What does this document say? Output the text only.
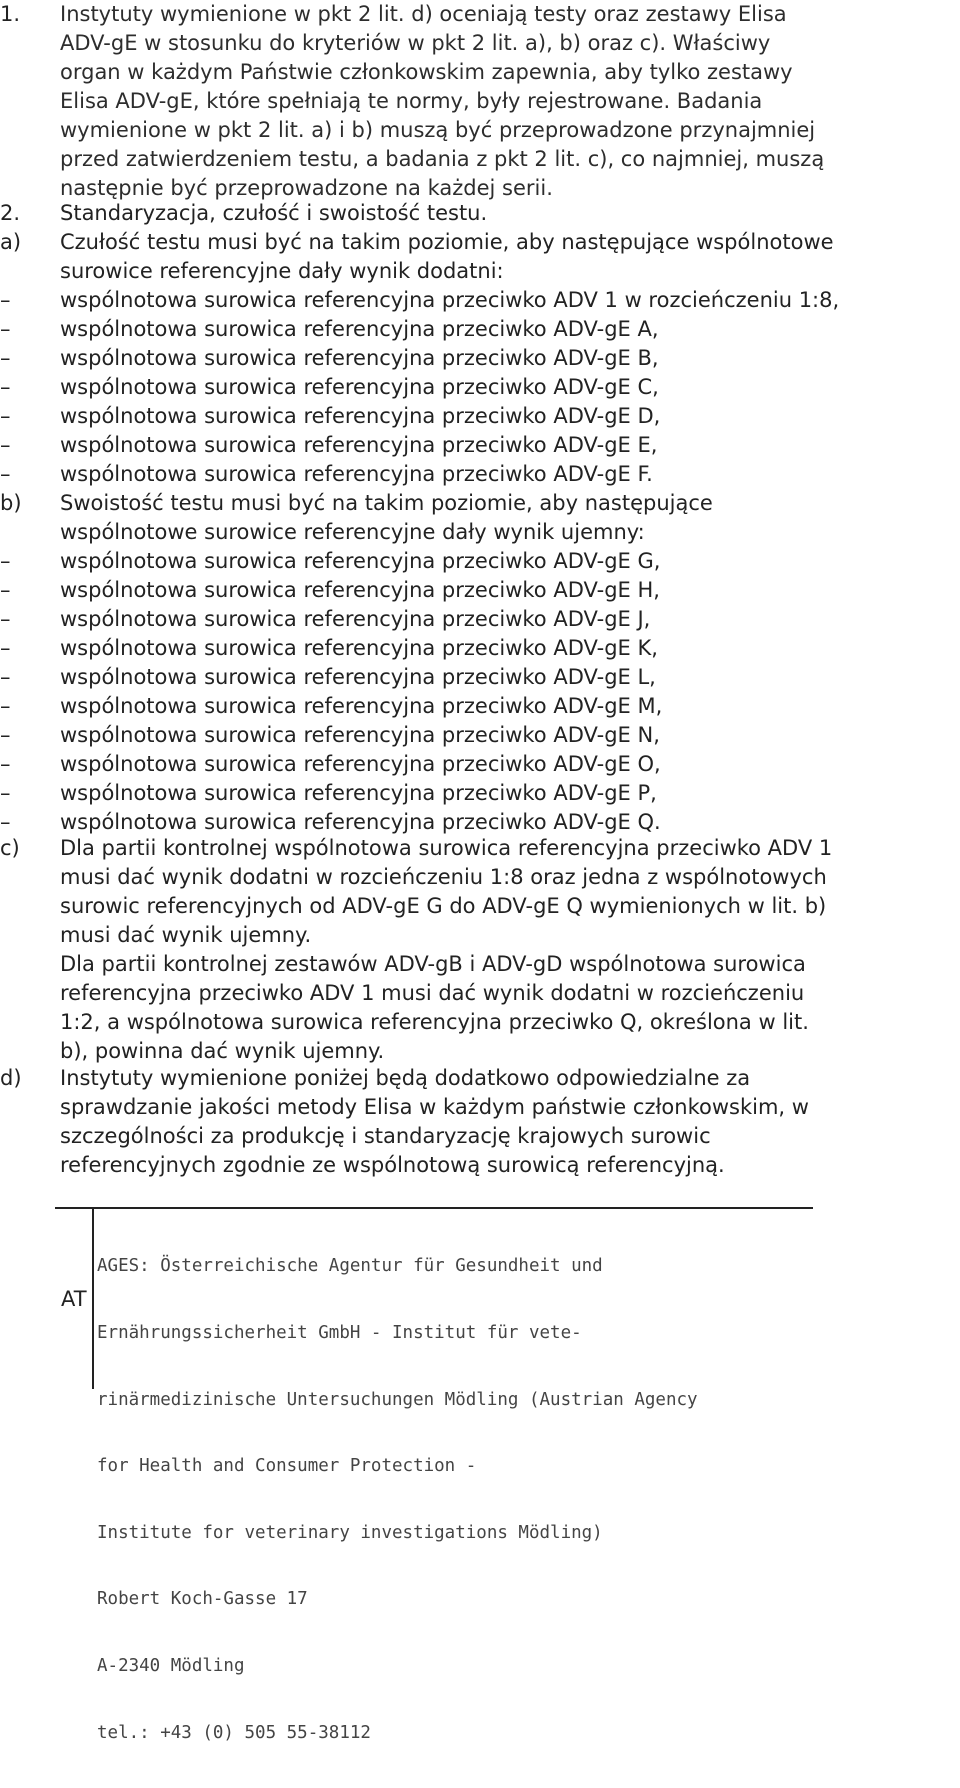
1. Instytuty wymienione w pkt 2 lit. d) oceniają testy oraz zestawy Elisa
ADV-gE w stosunku do kryteriów w pkt 2 lit. a), b) oraz c). Właściwy
organ w każdym Państwie członkowskim zapewnia, aby tylko zestawy
Elisa ADV-gE, które spełniają te normy, były rejestrowane. Badania
wymienione w pkt 2 lit. a) i b) muszą być przeprowadzone przynajmniej
przed zatwierdzeniem testu, a badania z pkt 2 lit. c), co najmniej, muszą
następnie być przeprowadzone na każdej serii.
2. Standaryzacja, czułość i swoistość testu.
a) Czułość testu musi być na takim poziomie, aby następujące wspólnotowe
surowice referencyjne dały wynik dodatni:
– wspólnotowa surowica referencyjna przeciwko ADV 1 w rozcieńczeniu 1:8,
– wspólnotowa surowica referencyjna przeciwko ADV-gE A,
– wspólnotowa surowica referencyjna przeciwko ADV-gE B,
– wspólnotowa surowica referencyjna przeciwko ADV-gE C,
– wspólnotowa surowica referencyjna przeciwko ADV-gE D,
– wspólnotowa surowica referencyjna przeciwko ADV-gE E,
– wspólnotowa surowica referencyjna przeciwko ADV-gE F.
b) Swoistość testu musi być na takim poziomie, aby następujące
wspólnotowe surowice referencyjne dały wynik ujemny:
– wspólnotowa surowica referencyjna przeciwko ADV-gE G,
– wspólnotowa surowica referencyjna przeciwko ADV-gE H,
– wspólnotowa surowica referencyjna przeciwko ADV-gE J,
– wspólnotowa surowica referencyjna przeciwko ADV-gE K,
– wspólnotowa surowica referencyjna przeciwko ADV-gE L,
– wspólnotowa surowica referencyjna przeciwko ADV-gE M,
– wspólnotowa surowica referencyjna przeciwko ADV-gE N,
– wspólnotowa surowica referencyjna przeciwko ADV-gE O,
– wspólnotowa surowica referencyjna przeciwko ADV-gE P,
– wspólnotowa surowica referencyjna przeciwko ADV-gE Q.
c) Dla partii kontrolnej wspólnotowa surowica referencyjna przeciwko ADV 1
musi dać wynik dodatni w rozcieńczeniu 1:8 oraz jedna z wspólnotowych
surowic referencyjnych od ADV-gE G do ADV-gE Q wymienionych w lit. b)
musi dać wynik ujemny.
Dla partii kontrolnej zestawów ADV-gB i ADV-gD wspólnotowa surowica
referencyjna przeciwko ADV 1 musi dać wynik dodatni w rozcieńczeniu
1:2, a wspólnotowa surowica referencyjna przeciwko Q, określona w lit.
b), powinna dać wynik ujemny.
d) Instytuty wymienione poniżej będą dodatkowo odpowiedzialne za
sprawdzanie jakości metody Elisa w każdym państwie członkowskim, w
szczególności za produkcję i standaryzację krajowych surowic
referencyjnych zgodnie ze wspólnotową surowicą referencyjną.
AT

AGES: Österreichische Agentur für Gesundheit und

Ernährungssicherheit GmbH - Institut für vete-

rinärmedizinische Untersuchungen Mödling (Austrian Agency

for Health and Consumer Protection -

Institute for veterinary investigations Mödling)

Robert Koch-Gasse 17

A-2340 Mödling

tel.: +43 (0) 505 55-38112
